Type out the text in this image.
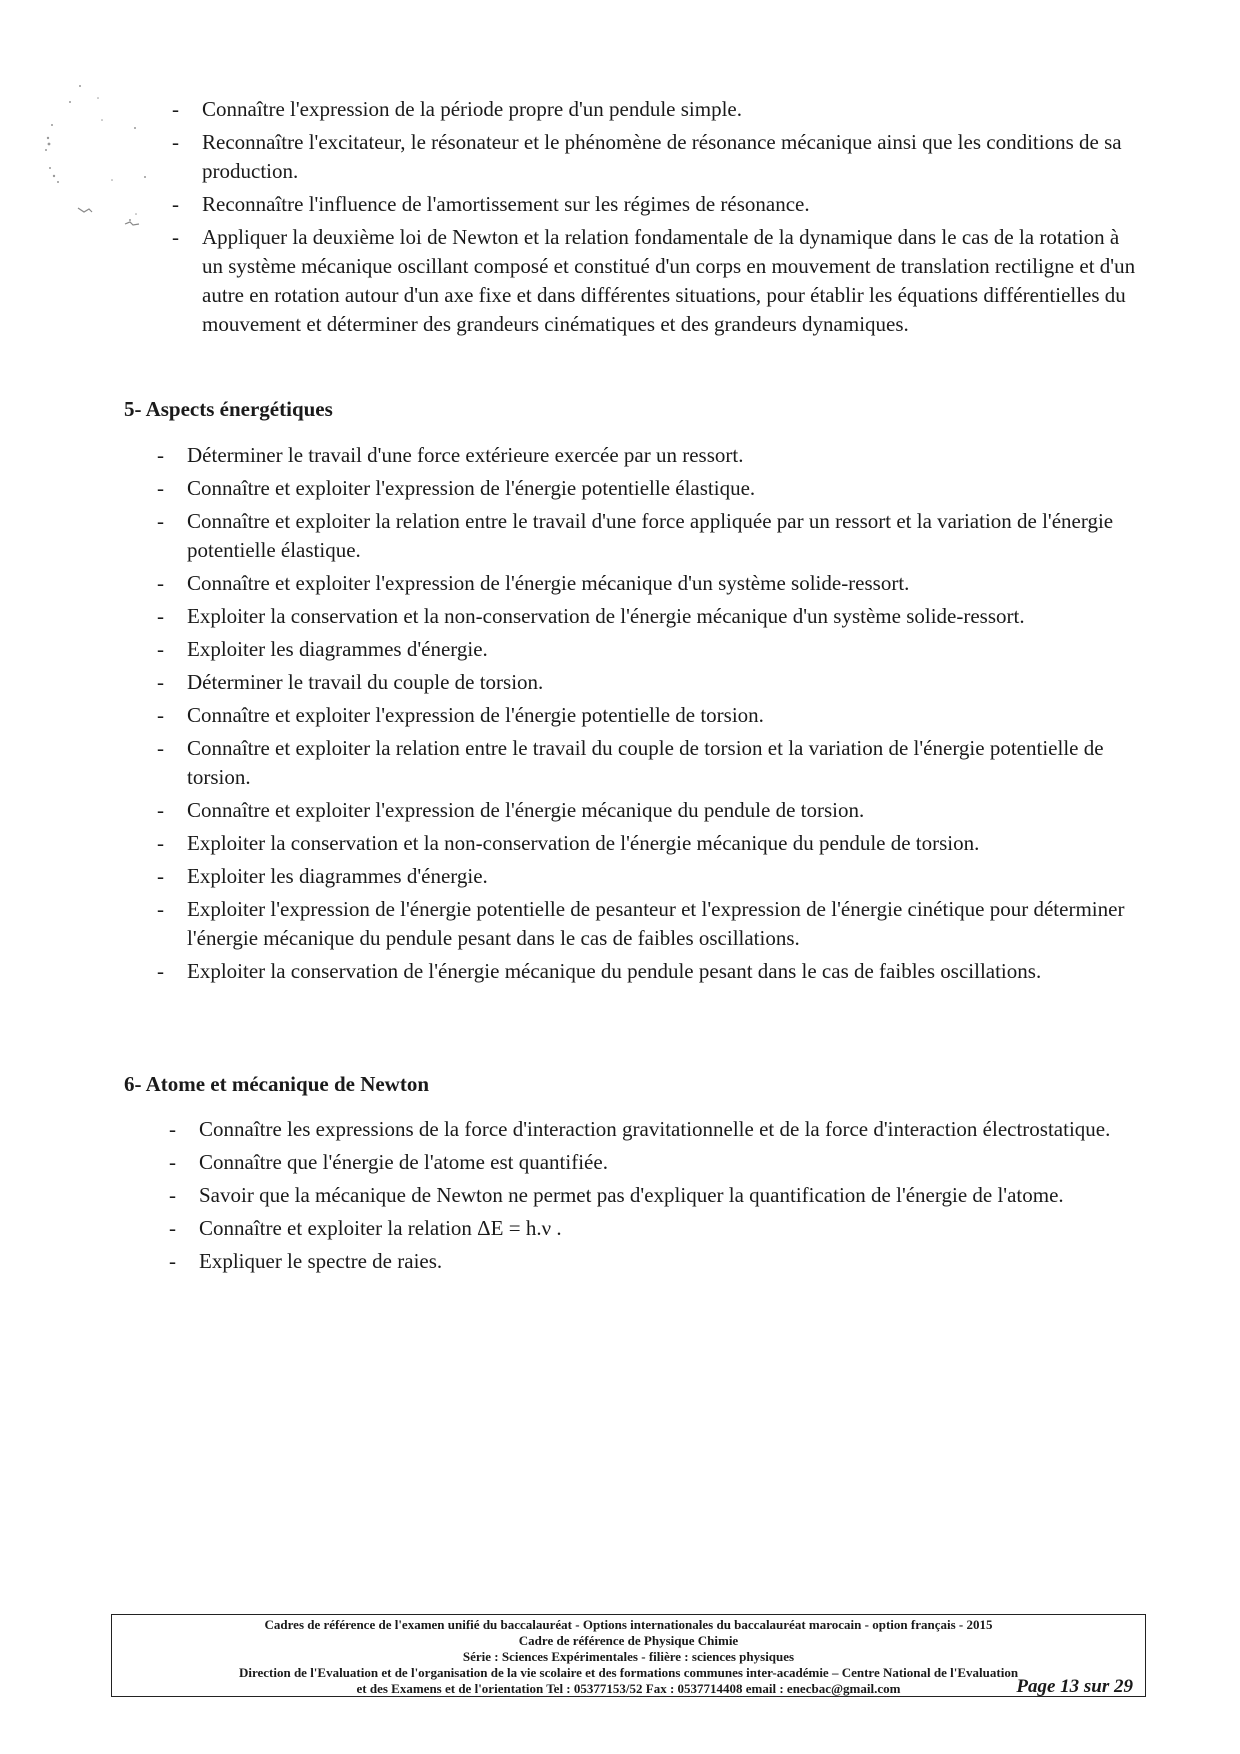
- Connaître l'expression de la période propre d'un pendule simple.
- Reconnaître l'excitateur, le résonateur et le phénomène de résonance mécanique ainsi que les conditions de sa production.
- Reconnaître l'influence de l'amortissement sur les régimes de résonance.
- Appliquer la deuxième loi de Newton et la relation fondamentale de la dynamique dans le cas de la rotation à un système mécanique oscillant composé et constitué d'un corps en mouvement de translation rectiligne et d'un autre en rotation autour d'un axe fixe et dans différentes situations, pour établir les équations différentielles du mouvement et déterminer des grandeurs cinématiques et des grandeurs dynamiques.
5- Aspects énergétiques
- Déterminer le travail d'une force extérieure exercée par un ressort.
- Connaître et exploiter l'expression de l'énergie potentielle élastique.
- Connaître et exploiter la relation entre le travail d'une force appliquée par un ressort et la variation de l'énergie potentielle élastique.
- Connaître et exploiter l'expression de l'énergie mécanique d'un système solide-ressort.
- Exploiter la conservation et la non-conservation de l'énergie mécanique d'un système solide-ressort.
- Exploiter les diagrammes d'énergie.
- Déterminer le travail du couple de torsion.
- Connaître et exploiter l'expression de l'énergie potentielle de torsion.
- Connaître et exploiter la relation entre le travail du couple de torsion et la variation de l'énergie potentielle de torsion.
- Connaître et exploiter l'expression de l'énergie mécanique du pendule de torsion.
- Exploiter la conservation et la non-conservation de l'énergie mécanique du pendule de torsion.
- Exploiter les diagrammes d'énergie.
- Exploiter l'expression de l'énergie potentielle de pesanteur et l'expression de l'énergie cinétique pour déterminer l'énergie mécanique du pendule pesant dans le cas de faibles oscillations.
- Exploiter la conservation de l'énergie mécanique du pendule pesant dans le cas de faibles oscillations.
6- Atome et mécanique de Newton
- Connaître les expressions de la force d'interaction gravitationnelle et de la force d'interaction électrostatique.
- Connaître que l'énergie de l'atome est quantifiée.
- Savoir que la mécanique de Newton ne permet pas d'expliquer la quantification de l'énergie de l'atome.
- Connaître et exploiter la relation ΔE = h.ν .
- Expliquer le spectre de raies.
Cadres de référence de l'examen unifié du baccalauréat - Options internationales du baccalauréat marocain - option français - 2015
Cadre de référence de Physique Chimie
Série : Sciences Expérimentales - filière : sciences physiques
Direction de l'Evaluation et de l'organisation de la vie scolaire et des formations communes inter-académie – Centre National de l'Evaluation
et des Examens et de l'orientation Tel : 05377153/52 Fax : 0537714408 email : enecbac@gmail.com	Page 13 sur 29
